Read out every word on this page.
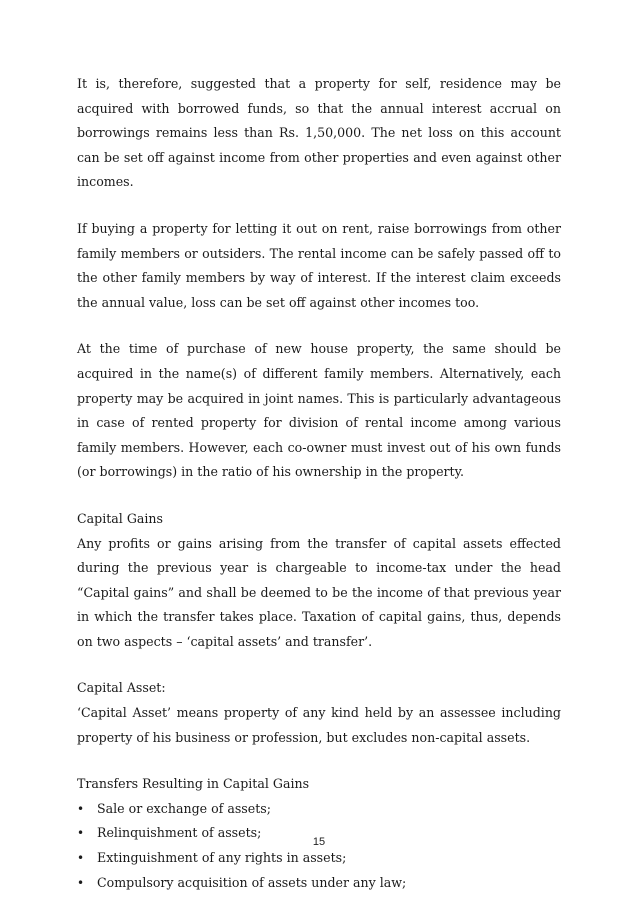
It is, therefore, suggested that a property for self, residence may be acquired with borrowed funds, so that the annual interest accrual on borrowings remains less than Rs. 1,50,000. The net loss on this account can be set off against income from other properties and even against other incomes.

If buying a property for letting it out on rent, raise borrowings from other family members or outsiders. The rental income can be safely passed off to the other family members by way of interest. If the interest claim exceeds the annual value, loss can be set off against other incomes too.

At the time of purchase of new house property, the same should be acquired in the name(s) of different family members. Alternatively, each property may be acquired in joint names. This is particularly advantageous in case of rented property for division of rental income among various family members. However, each co-owner must invest out of his own funds (or borrowings) in the ratio of his ownership in the property.

Capital Gains

Any profits or gains arising from the transfer of capital assets effected during the previous year is chargeable to income-tax under the head “Capital gains” and shall be deemed to be the income of that previous year in which the transfer takes place. Taxation of capital gains, thus, depends on two aspects – ‘capital assets’ and transfer’.

Capital Asset:

‘Capital Asset’ means property of any kind held by an assessee including property of his business or profession, but excludes non-capital assets.

Transfers Resulting in Capital Gains

• Sale or exchange of assets;
• Relinquishment of assets;
• Extinguishment of any rights in assets;
• Compulsory acquisition of assets under any law;
15
